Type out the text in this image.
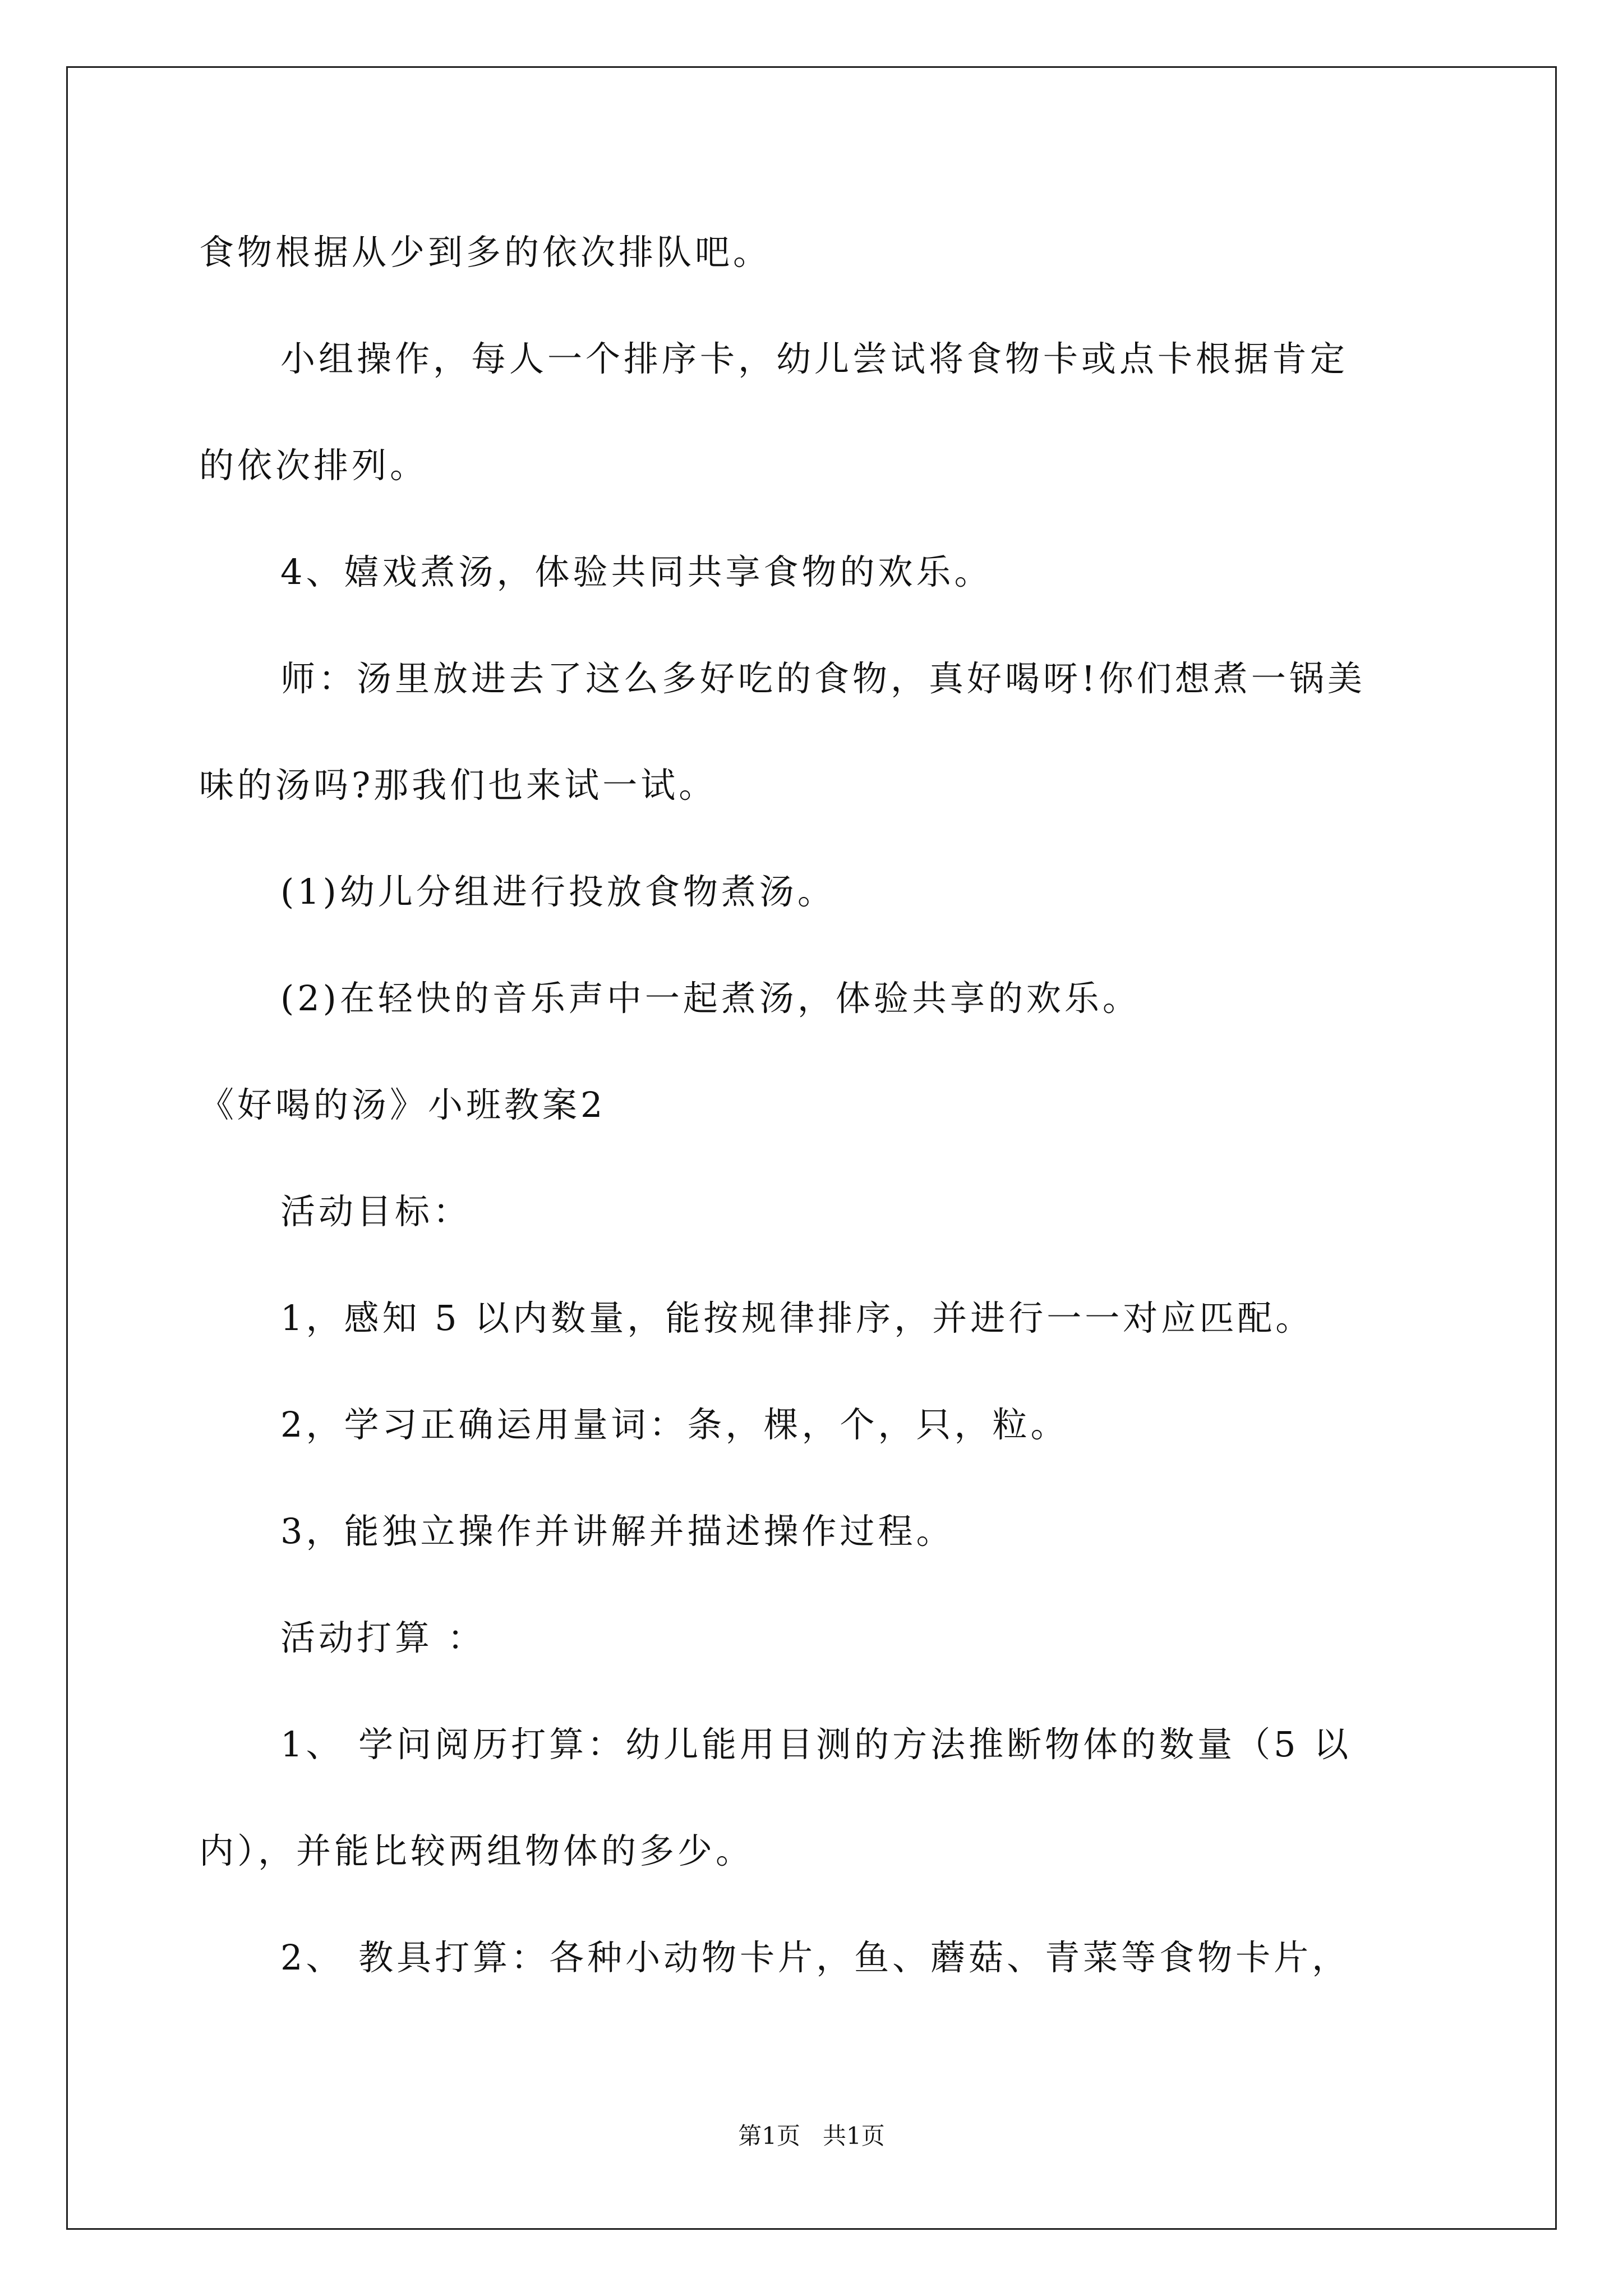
食物根据从少到多的依次排队吧。
小组操作，每人一个排序卡，幼儿尝试将食物卡或点卡根据肯定
的依次排列。
4、嬉戏煮汤，体验共同共享食物的欢乐。
师：汤里放进去了这么多好吃的食物，真好喝呀!你们想煮一锅美
味的汤吗?那我们也来试一试。
(1)幼儿分组进行投放食物煮汤。
(2)在轻快的音乐声中一起煮汤，体验共享的欢乐。
《好喝的汤》小班教案2
活动目标：
1，感知 5 以内数量，能按规律排序，并进行一一对应匹配。
2，学习正确运用量词：条，棵，个，只，粒。
3，能独立操作并讲解并描述操作过程。
活动打算 ：
1、 学问阅历打算：幼儿能用目测的方法推断物体的数量（5 以
内），并能比较两组物体的多少。
2、 教具打算：各种小动物卡片，鱼、蘑菇、青菜等食物卡片，
第1页   共1页
